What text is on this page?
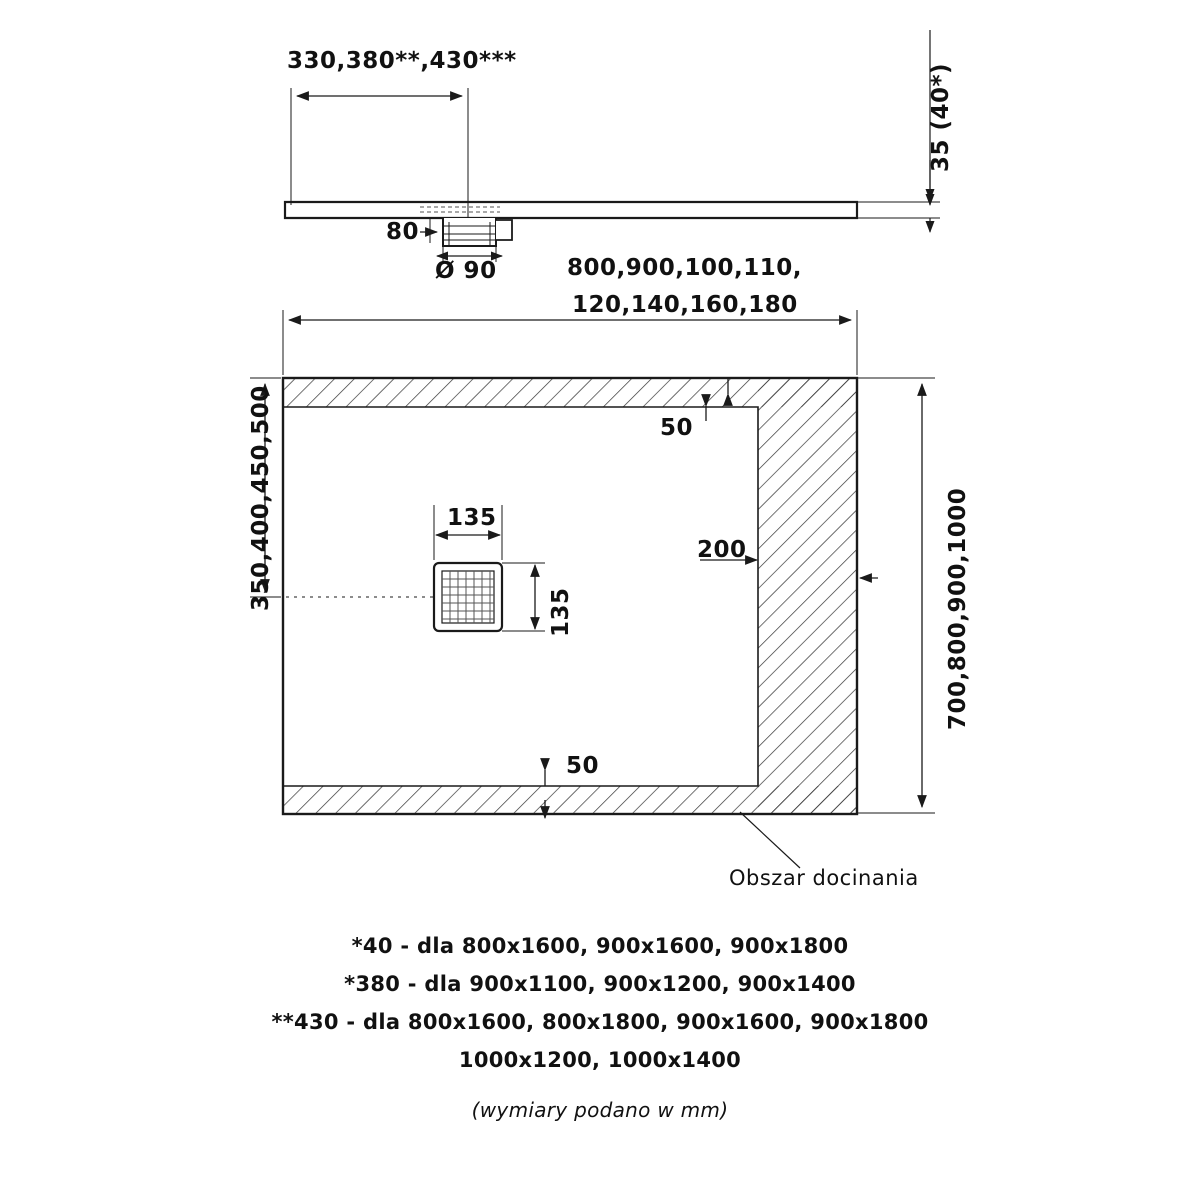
330,380**,430***
35 (40*)
80
Ø 90	800,900,100,110,
120,140,160,180
350,400,450,500	700,800,900,1000
135
135
50
50
200
Obszar docinania
*40 - dla 800x1600, 900x1600, 900x1800
*380 - dla 900x1100, 900x1200, 900x1400
**430 - dla 800x1600, 800x1800, 900x1600, 900x1800
1000x1200, 1000x1400
(wymiary podano w mm)
